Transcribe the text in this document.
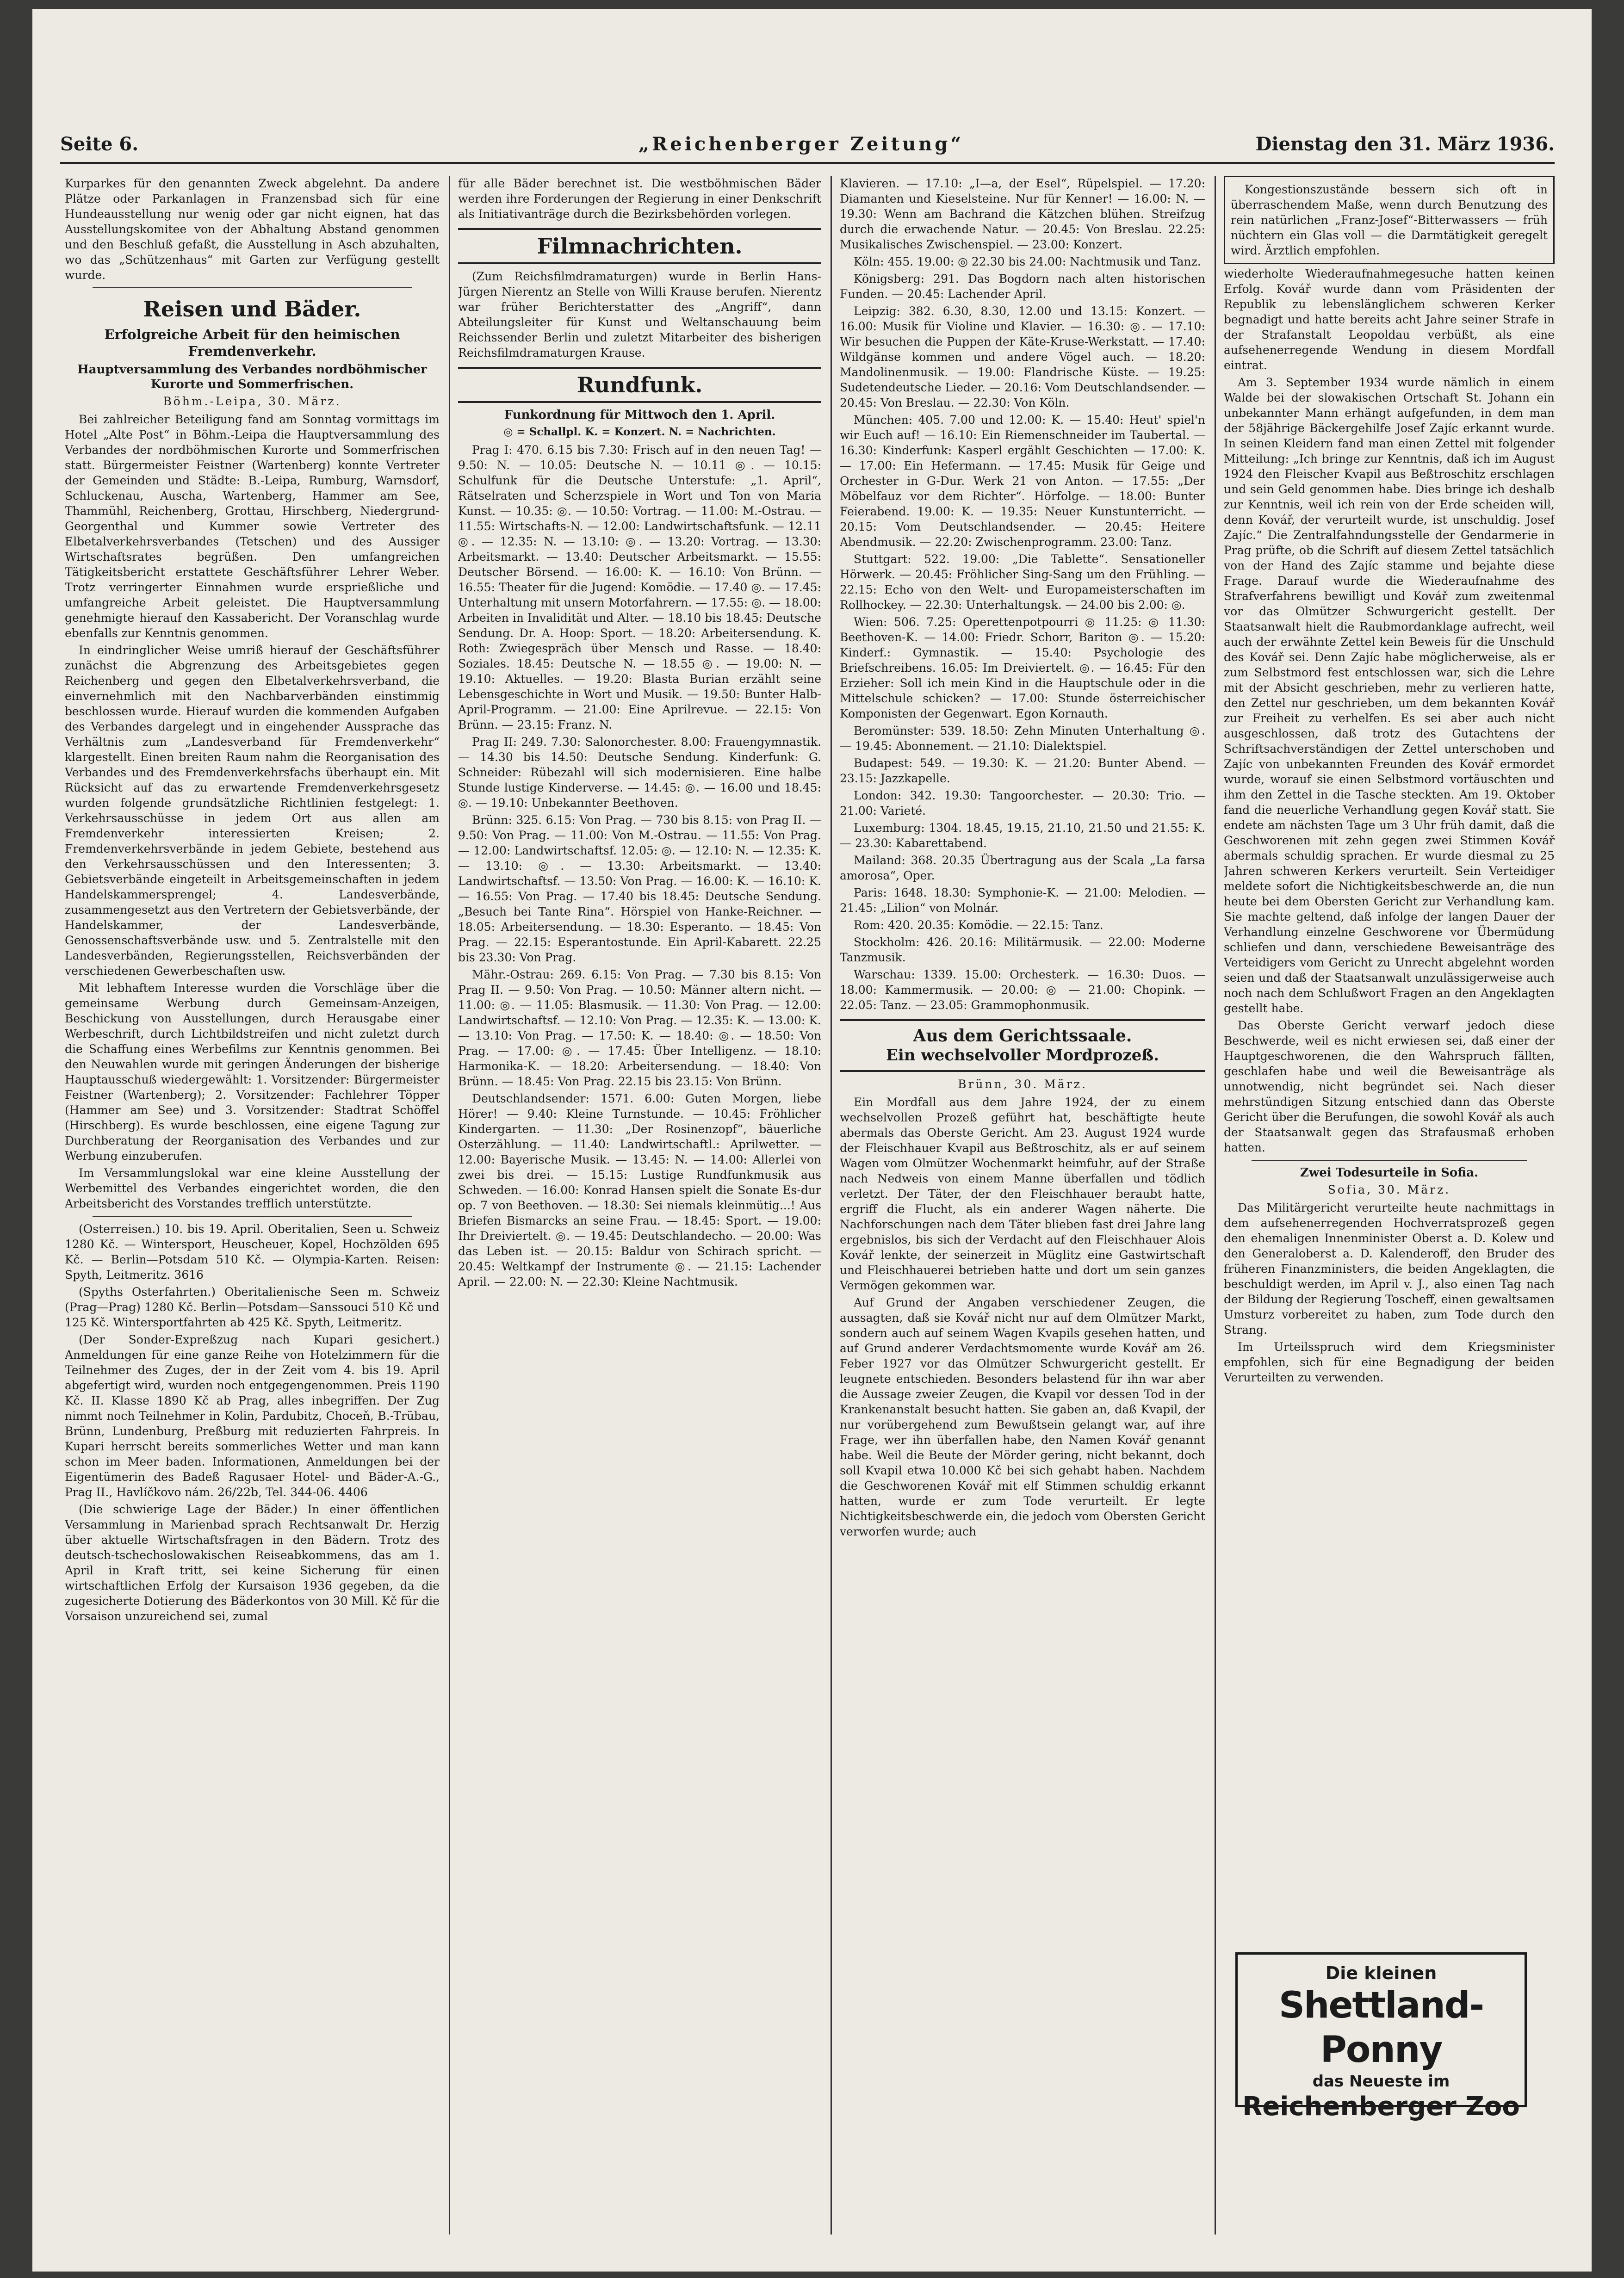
Seite 6.	„Reichenberger Zeitung“	Dienstag den 31. März 1936.

Kurparkes für den genannten Zweck abgelehnt. Da andere Plätze oder Parkanlagen in Franzensbad sich für eine Hundeausstellung nur wenig oder gar nicht eignen, hat das Ausstellungskomitee von der Abhaltung Abstand genommen und den Beschluß gefaßt, die Ausstellung in Asch abzuhalten, wo das „Schützenhaus“ mit Garten zur Verfügung gestellt wurde.

Reisen und Bäder.
Erfolgreiche Arbeit für den heimischen Fremdenverkehr.
Hauptversammlung des Verbandes nordböhmischer Kurorte und Sommerfrischen.
Böhm.-Leipa, 30. März.

Bei zahlreicher Beteiligung fand am Sonntag vormittags im Hotel „Alte Post“ in Böhm.-Leipa die Hauptversammlung des Verbandes der nordböhmischen Kurorte und Sommerfrischen statt. Bürgermeister Feistner (Wartenberg) konnte Vertreter der Gemeinden und Städte: B.-Leipa, Rumburg, Warnsdorf, Schluckenau, Auscha, Wartenberg, Hammer am See, Thammühl, Reichenberg, Grottau, Hirschberg, Niedergrund-Georgenthal und Kummer sowie Vertreter des Elbetalverkehrsverbandes (Tetschen) und des Aussiger Wirtschaftsrates begrüßen. Den umfangreichen Tätigkeitsbericht erstattete Geschäftsführer Lehrer Weber. Trotz verringerter Einnahmen wurde ersprießliche und umfangreiche Arbeit geleistet. Die Hauptversammlung genehmigte hierauf den Kassabericht. Der Voranschlag wurde ebenfalls zur Kenntnis genommen.

In eindringlicher Weise umriß hierauf der Geschäftsführer zunächst die Abgrenzung des Arbeitsgebietes gegen Reichenberg und gegen den Elbetalverkehrsverband, die einvernehmlich mit den Nachbarverbänden einstimmig beschlossen wurde. Hierauf wurden die kommenden Aufgaben des Verbandes dargelegt und in eingehender Aussprache das Verhältnis zum „Landesverband für Fremdenverkehr“ klargestellt. Einen breiten Raum nahm die Reorganisation des Verbandes und des Fremdenverkehrsfachs überhaupt ein. Mit Rücksicht auf das zu erwartende Fremdenverkehrsgesetz wurden folgende grundsätzliche Richtlinien festgelegt: 1. Verkehrsausschüsse in jedem Ort aus allen am Fremdenverkehr interessierten Kreisen; 2. Fremdenverkehrsverbände in jedem Gebiete, bestehend aus den Verkehrsausschüssen und den Interessenten; 3. Gebietsverbände eingeteilt in Arbeitsgemeinschaften in jedem Handelskammersprengel; 4. Landesverbände, zusammengesetzt aus den Vertretern der Gebietsverbände, der Handelskammer, der Landesverbände, Genossenschaftsverbände usw. und 5. Zentralstelle mit den Landesverbänden, Regierungsstellen, Reichsverbänden der verschiedenen Gewerbeschaften usw.

Mit lebhaftem Interesse wurden die Vorschläge über die gemeinsame Werbung durch Gemeinsam-Anzeigen, Beschickung von Ausstellungen, durch Herausgabe einer Werbeschrift, durch Lichtbildstreifen und nicht zuletzt durch die Schaffung eines Werbefilms zur Kenntnis genommen. Bei den Neuwahlen wurde mit geringen Änderungen der bisherige Hauptausschuß wiedergewählt: 1. Vorsitzender: Bürgermeister Feistner (Wartenberg); 2. Vorsitzender: Fachlehrer Töpper (Hammer am See) und 3. Vorsitzender: Stadtrat Schöffel (Hirschberg). Es wurde beschlossen, eine eigene Tagung zur Durchberatung der Reorganisation des Verbandes und zur Werbung einzuberufen.

Im Versammlungslokal war eine kleine Ausstellung der Werbemittel des Verbandes eingerichtet worden, die den Arbeitsbericht des Vorstandes trefflich unterstützte.

(Osterreisen.) 10. bis 19. April. Oberitalien, Seen u. Schweiz 1280 Kč. — Wintersport, Heuscheuer, Kopel, Hochzölden 695 Kč. — Berlin—Potsdam 510 Kč. — Olympia-Karten. Reisen: Spyth, Leitmeritz. 3616

(Spyths Osterfahrten.) Oberitalienische Seen m. Schweiz (Prag—Prag) 1280 Kč. Berlin—Potsdam—Sanssouci 510 Kč und 125 Kč. Wintersportfahrten ab 425 Kč. Spyth, Leitmeritz.

(Der Sonder-Expreßzug nach Kupari gesichert.) Anmeldungen für eine ganze Reihe von Hotelzimmern für die Teilnehmer des Zuges, der in der Zeit vom 4. bis 19. April abgefertigt wird, wurden noch entgegengenommen. Preis 1190 Kč. II. Klasse 1890 Kč ab Prag, alles inbegriffen. Der Zug nimmt noch Teilnehmer in Kolin, Pardubitz, Choceň, B.-Trübau, Brünn, Lundenburg, Preßburg mit reduzierten Fahrpreis. In Kupari herrscht bereits sommerliches Wetter und man kann schon im Meer baden. Informationen, Anmeldungen bei der Eigentümerin des Badeß Ragusaer Hotel- und Bäder-A.-G., Prag II., Havlíčkovo nám. 26/22b, Tel. 344-06. 4406

(Die schwierige Lage der Bäder.) In einer öffentlichen Versammlung in Marienbad sprach Rechtsanwalt Dr. Herzig über aktuelle Wirtschaftsfragen in den Bädern. Trotz des deutsch-tschechoslowakischen Reiseabkommens, das am 1. April in Kraft tritt, sei keine Sicherung für einen wirtschaftlichen Erfolg der Kursaison 1936 gegeben, da die zugesicherte Dotierung des Bäderkontos von 30 Mill. Kč für die Vorsaison unzureichend sei, zumal

für alle Bäder berechnet ist. Die westböhmischen Bäder werden ihre Forderungen der Regierung in einer Denkschrift als Initiativanträge durch die Bezirksbehörden vorlegen.

Filmnachrichten.

(Zum Reichsfilmdramaturgen) wurde in Berlin Hans-Jürgen Nierentz an Stelle von Willi Krause berufen. Nierentz war früher Berichterstatter des „Angriff“, dann Abteilungsleiter für Kunst und Weltanschauung beim Reichssender Berlin und zuletzt Mitarbeiter des bisherigen Reichsfilmdramaturgen Krause.

Rundfunk.
Funkordnung für Mittwoch den 1. April.
◎ = Schallpl. K. = Konzert. N. = Nachrichten.

Prag I: 470. 6.15 bis 7.30: Frisch auf in den neuen Tag! — 9.50: N. — 10.05: Deutsche N. — 10.11 ◎. — 10.15: Schulfunk für die Deutsche Unterstufe: „1. April“, Rätselraten und Scherzspiele in Wort und Ton von Maria Kunst. — 10.35: ◎. — 10.50: Vortrag. — 11.00: M.-Ostrau. — 11.55: Wirtschafts-N. — 12.00: Landwirtschaftsfunk. — 12.11 ◎. — 12.35: N. — 13.10: ◎. — 13.20: Vortrag. — 13.30: Arbeitsmarkt. — 13.40: Deutscher Arbeitsmarkt. — 15.55: Deutscher Börsend. — 16.00: K. — 16.10: Von Brünn. — 16.55: Theater für die Jugend: Komödie. — 17.40 ◎. — 17.45: Unterhaltung mit unsern Motorfahrern. — 17.55: ◎. — 18.00: Arbeiten in Invalidität und Alter. — 18.10 bis 18.45: Deutsche Sendung. Dr. A. Hoop: Sport. — 18.20: Arbeitersendung. K. Roth: Zwiegespräch über Mensch und Rasse. — 18.40: Soziales. 18.45: Deutsche N. — 18.55 ◎. — 19.00: N. — 19.10: Aktuelles. — 19.20: Blasta Burian erzählt seine Lebensgeschichte in Wort und Musik. — 19.50: Bunter Halb-April-Programm. — 21.00: Eine Aprilrevue. — 22.15: Von Brünn. — 23.15: Franz. N.

Prag II: 249. 7.30: Salonorchester. 8.00: Frauengymnastik. — 14.30 bis 14.50: Deutsche Sendung. Kinderfunk: G. Schneider: Rübezahl will sich modernisieren. Eine halbe Stunde lustige Kinderverse. — 14.45: ◎. — 16.00 und 18.45: ◎. — 19.10: Unbekannter Beethoven.

Brünn: 325. 6.15: Von Prag. — 730 bis 8.15: von Prag II. — 9.50: Von Prag. — 11.00: Von M.-Ostrau. — 11.55: Von Prag. — 12.00: Landwirtschaftsf. 12.05: ◎. — 12.10: N. — 12.35: K. — 13.10: ◎. — 13.30: Arbeitsmarkt. — 13.40: Landwirtschaftsf. — 13.50: Von Prag. — 16.00: K. — 16.10: K. — 16.55: Von Prag. — 17.40 bis 18.45: Deutsche Sendung. „Besuch bei Tante Rina“. Hörspiel von Hanke-Reichner. — 18.05: Arbeitersendung. — 18.30: Esperanto. — 18.45: Von Prag. — 22.15: Esperantostunde. Ein April-Kabarett. 22.25 bis 23.30: Von Prag.

Mähr.-Ostrau: 269. 6.15: Von Prag. — 7.30 bis 8.15: Von Prag II. — 9.50: Von Prag. — 10.50: Männer altern nicht. — 11.00: ◎. — 11.05: Blasmusik. — 11.30: Von Prag. — 12.00: Landwirtschaftsf. — 12.10: Von Prag. — 12.35: K. — 13.00: K. — 13.10: Von Prag. — 17.50: K. — 18.40: ◎. — 18.50: Von Prag. — 17.00: ◎. — 17.45: Über Intelligenz. — 18.10: Harmonika-K. — 18.20: Arbeitersendung. — 18.40: Von Brünn. — 18.45: Von Prag. 22.15 bis 23.15: Von Brünn.

Deutschlandsender: 1571. 6.00: Guten Morgen, liebe Hörer! — 9.40: Kleine Turnstunde. — 10.45: Fröhlicher Kindergarten. — 11.30: „Der Rosinenzopf“, bäuerliche Osterzählung. — 11.40: Landwirtschaftl.: Aprilwetter. — 12.00: Bayerische Musik. — 13.45: N. — 14.00: Allerlei von zwei bis drei. — 15.15: Lustige Rundfunkmusik aus Schweden. — 16.00: Konrad Hansen spielt die Sonate Es-dur op. 7 von Beethoven. — 18.30: Sei niemals kleinmütig...! Aus Briefen Bismarcks an seine Frau. — 18.45: Sport. — 19.00: Ihr Dreiviertelt. ◎. — 19.45: Deutschlandecho. — 20.00: Was das Leben ist. — 20.15: Baldur von Schirach spricht. — 20.45: Weltkampf der Instrumente ◎. — 21.15: Lachender April. — 22.00: N. — 22.30: Kleine Nachtmusik.

Klavieren. — 17.10: „I—a, der Esel“, Rüpelspiel. — 17.20: Diamanten und Kieselsteine. Nur für Kenner! — 16.00: N. — 19.30: Wenn am Bachrand die Kätzchen blühen. Streifzug durch die erwachende Natur. — 20.45: Von Breslau. 22.25: Musikalisches Zwischenspiel. — 23.00: Konzert.

Köln: 455. 19.00: ◎ 22.30 bis 24.00: Nachtmusik und Tanz.

Königsberg: 291. Das Bogdorn nach alten historischen Funden. — 20.45: Lachender April.

Leipzig: 382. 6.30, 8.30, 12.00 und 13.15: Konzert. — 16.00: Musik für Violine und Klavier. — 16.30: ◎. — 17.10: Wir besuchen die Puppen der Käte-Kruse-Werkstatt. — 17.40: Wildgänse kommen und andere Vögel auch. — 18.20: Mandolinenmusik. — 19.00: Flandrische Küste. — 19.25: Sudetendeutsche Lieder. — 20.16: Vom Deutschlandsender. — 20.45: Von Breslau. — 22.30: Von Köln.

München: 405. 7.00 und 12.00: K. — 15.40: Heut' spiel'n wir Euch auf! — 16.10: Ein Riemenschneider im Taubertal. — 16.30: Kinderfunk: Kasperl ergählt Geschichten — 17.00: K. — 17.00: Ein Hefermann. — 17.45: Musik für Geige und Orchester in G-Dur. Werk 21 von Anton. — 17.55: „Der Möbelfauz vor dem Richter“. Hörfolge. — 18.00: Bunter Feierabend. 19.00: K. — 19.35: Neuer Kunstunterricht. — 20.15: Vom Deutschlandsender. — 20.45: Heitere Abendmusik. — 22.20: Zwischenprogramm. 23.00: Tanz.

Stuttgart: 522. 19.00: „Die Tablette“. Sensationeller Hörwerk. — 20.45: Fröhlicher Sing-Sang um den Frühling. — 22.15: Echo von den Welt- und Europameisterschaften im Rollhockey. — 22.30: Unterhaltungsk. — 24.00 bis 2.00: ◎.

Wien: 506. 7.25: Operettenpotpourri ◎ 11.25: ◎ 11.30: Beethoven-K. — 14.00: Friedr. Schorr, Bariton ◎. — 15.20: Kinderf.: Gymnastik. — 15.40: Psychologie des Briefschreibens. 16.05: Im Dreiviertelt. ◎. — 16.45: Für den Erzieher: Soll ich mein Kind in die Hauptschule oder in die Mittelschule schicken? — 17.00: Stunde österreichischer Komponisten der Gegenwart. Egon Kornauth.

Beromünster: 539. 18.50: Zehn Minuten Unterhaltung ◎. — 19.45: Abonnement. — 21.10: Dialektspiel.

Budapest: 549. — 19.30: K. — 21.20: Bunter Abend. — 23.15: Jazzkapelle.

London: 342. 19.30: Tangoorchester. — 20.30: Trio. — 21.00: Varieté.

Luxemburg: 1304. 18.45, 19.15, 21.10, 21.50 und 21.55: K. — 23.30: Kabarettabend.

Mailand: 368. 20.35 Übertragung aus der Scala „La farsa amorosa“, Oper.

Paris: 1648. 18.30: Symphonie-K. — 21.00: Melodien. — 21.45: „Lilion“ von Molnár.

Rom: 420. 20.35: Komödie. — 22.15: Tanz.

Stockholm: 426. 20.16: Militärmusik. — 22.00: Moderne Tanzmusik.

Warschau: 1339. 15.00: Orchesterk. — 16.30: Duos. — 18.00: Kammermusik. — 20.00: ◎ — 21.00: Chopink. — 22.05: Tanz. — 23.05: Grammophonmusik.

Aus dem Gerichtssaale.
Ein wechselvoller Mordprozeß.
Brünn, 30. März.

Ein Mordfall aus dem Jahre 1924, der zu einem wechselvollen Prozeß geführt hat, beschäftigte heute abermals das Oberste Gericht. Am 23. August 1924 wurde der Fleischhauer Kvapil aus Beßtroschitz, als er auf seinem Wagen vom Olmützer Wochenmarkt heimfuhr, auf der Straße nach Nedweis von einem Manne überfallen und tödlich verletzt. Der Täter, der den Fleischhauer beraubt hatte, ergriff die Flucht, als ein anderer Wagen näherte. Die Nachforschungen nach dem Täter blieben fast drei Jahre lang ergebnislos, bis sich der Verdacht auf den Fleischhauer Alois Kovář lenkte, der seinerzeit in Müglitz eine Gastwirtschaft und Fleischhauerei betrieben hatte und dort um sein ganzes Vermögen gekommen war.

Auf Grund der Angaben verschiedener Zeugen, die aussagten, daß sie Kovář nicht nur auf dem Olmützer Markt, sondern auch auf seinem Wagen Kvapils gesehen hatten, und auf Grund anderer Verdachtsmomente wurde Kovář am 26. Feber 1927 vor das Olmützer Schwurgericht gestellt. Er leugnete entschieden. Besonders belastend für ihn war aber die Aussage zweier Zeugen, die Kvapil vor dessen Tod in der Krankenanstalt besucht hatten. Sie gaben an, daß Kvapil, der nur vorübergehend zum Bewußtsein gelangt war, auf ihre Frage, wer ihn überfallen habe, den Namen Kovář genannt habe. Weil die Beute der Mörder gering, nicht bekannt, doch soll Kvapil etwa 10.000 Kč bei sich gehabt haben. Nachdem die Geschworenen Kovář mit elf Stimmen schuldig erkannt hatten, wurde er zum Tode verurteilt. Er legte Nichtigkeitsbeschwerde ein, die jedoch vom Obersten Gericht verworfen wurde; auch

Kongestionszustände bessern sich oft in überraschendem Maße, wenn durch Benutzung des rein natürlichen „Franz-Josef“-Bitterwassers — früh nüchtern ein Glas voll — die Darmtätigkeit geregelt wird. Ärztlich empfohlen.

wiederholte Wiederaufnahmegesuche hatten keinen Erfolg. Kovář wurde dann vom Präsidenten der Republik zu lebenslänglichem schweren Kerker begnadigt und hatte bereits acht Jahre seiner Strafe in der Strafanstalt Leopoldau verbüßt, als eine aufsehenerregende Wendung in diesem Mordfall eintrat.

Am 3. September 1934 wurde nämlich in einem Walde bei der slowakischen Ortschaft St. Johann ein unbekannter Mann erhängt aufgefunden, in dem man der 58jährige Bäckergehilfe Josef Zajíc erkannt wurde. In seinen Kleidern fand man einen Zettel mit folgender Mitteilung: „Ich bringe zur Kenntnis, daß ich im August 1924 den Fleischer Kvapil aus Beßtroschitz erschlagen und sein Geld genommen habe. Dies bringe ich deshalb zur Kenntnis, weil ich rein von der Erde scheiden will, denn Kovář, der verurteilt wurde, ist unschuldig. Josef Zajíc.“ Die Zentralfahndungsstelle der Gendarmerie in Prag prüfte, ob die Schrift auf diesem Zettel tatsächlich von der Hand des Zajíc stamme und bejahte diese Frage. Darauf wurde die Wiederaufnahme des Strafverfahrens bewilligt und Kovář zum zweitenmal vor das Olmützer Schwurgericht gestellt. Der Staatsanwalt hielt die Raubmordanklage aufrecht, weil auch der erwähnte Zettel kein Beweis für die Unschuld des Kovář sei. Denn Zajíc habe möglicherweise, als er zum Selbstmord fest entschlossen war, sich die Lehre mit der Absicht geschrieben, mehr zu verlieren hatte, den Zettel nur geschrieben, um dem bekannten Kovář zur Freiheit zu verhelfen. Es sei aber auch nicht ausgeschlossen, daß trotz des Gutachtens der Schriftsachverständigen der Zettel unterschoben und Zajíc von unbekannten Freunden des Kovář ermordet wurde, worauf sie einen Selbstmord vortäuschten und ihm den Zettel in die Tasche steckten. Am 19. Oktober fand die neuerliche Verhandlung gegen Kovář statt. Sie endete am nächsten Tage um 3 Uhr früh damit, daß die Geschworenen mit zehn gegen zwei Stimmen Kovář abermals schuldig sprachen. Er wurde diesmal zu 25 Jahren schweren Kerkers verurteilt. Sein Verteidiger meldete sofort die Nichtigkeitsbeschwerde an, die nun heute bei dem Obersten Gericht zur Verhandlung kam. Sie machte geltend, daß infolge der langen Dauer der Verhandlung einzelne Geschworene vor Übermüdung schliefen und dann, verschiedene Beweisanträge des Verteidigers vom Gericht zu Unrecht abgelehnt worden seien und daß der Staatsanwalt unzulässigerweise auch noch nach dem Schlußwort Fragen an den Angeklagten gestellt habe.

Das Oberste Gericht verwarf jedoch diese Beschwerde, weil es nicht erwiesen sei, daß einer der Hauptgeschworenen, die den Wahrspruch fällten, geschlafen habe und weil die Beweisanträge als unnotwendig, nicht begründet sei. Nach dieser mehrstündigen Sitzung entschied dann das Oberste Gericht über die Berufungen, die sowohl Kovář als auch der Staatsanwalt gegen das Strafausmaß erhoben hatten.

Zwei Todesurteile in Sofia.
Sofia, 30. März.

Das Militärgericht verurteilte heute nachmittags in dem aufsehenerregenden Hochverratsprozeß gegen den ehemaligen Innenminister Oberst a. D. Kolew und den Generaloberst a. D. Kalenderoff, den Bruder des früheren Finanzministers, die beiden Angeklagten, die beschuldigt werden, im April v. J., also einen Tag nach der Bildung der Regierung Toscheff, einen gewaltsamen Umsturz vorbereitet zu haben, zum Tode durch den Strang.

Im Urteilsspruch wird dem Kriegsminister empfohlen, sich für eine Begnadigung der beiden Verurteilten zu verwenden.

Die kleinen
Shettland-Ponny
das Neueste im
Reichenberger Zoo
